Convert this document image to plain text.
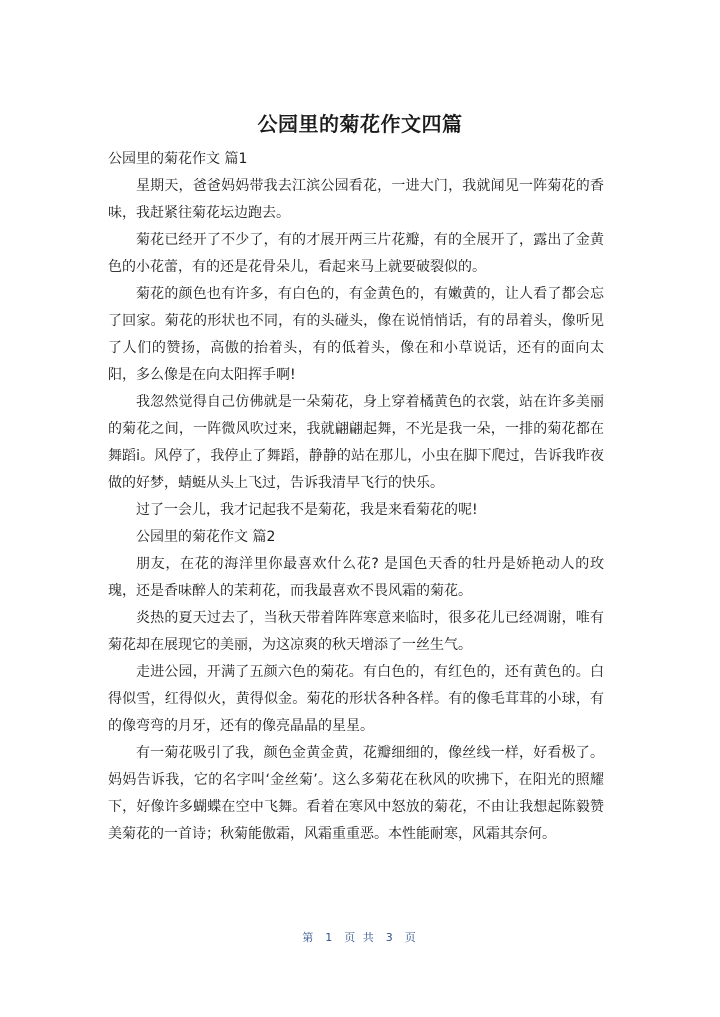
公园里的菊花作文四篇

公园里的菊花作文 篇1

星期天，爸爸妈妈带我去江滨公园看花，一进大门，我就闻见一阵菊花的香味，我赶紧往菊花坛边跑去。

菊花已经开了不少了，有的才展开两三片花瓣，有的全展开了，露出了金黄色的小花蕾，有的还是花骨朵儿，看起来马上就要破裂似的。

菊花的颜色也有许多，有白色的，有金黄色的，有嫩黄的，让人看了都会忘了回家。菊花的形状也不同，有的头碰头，像在说悄悄话，有的昂着头，像听见了人们的赞扬，高傲的抬着头，有的低着头，像在和小草说话，还有的面向太阳，多么像是在向太阳挥手啊!

我忽然觉得自己仿佛就是一朵菊花，身上穿着橘黄色的衣裳，站在许多美丽的菊花之间，一阵微风吹过来，我就翩翩起舞，不光是我一朵，一排的菊花都在舞蹈i。风停了，我停止了舞蹈，静静的站在那儿，小虫在脚下爬过，告诉我昨夜做的好梦，蜻蜓从头上飞过，告诉我清早飞行的快乐。

过了一会儿，我才记起我不是菊花，我是来看菊花的呢!

公园里的菊花作文 篇2

朋友，在花的海洋里你最喜欢什么花? 是国色天香的牡丹是娇艳动人的玫瑰，还是香味醉人的茉莉花，而我最喜欢不畏风霜的菊花。

炎热的夏天过去了，当秋天带着阵阵寒意来临时，很多花儿已经凋谢，唯有菊花却在展现它的美丽，为这凉爽的秋天增添了一丝生气。

走进公园，开满了五颜六色的菊花。有白色的，有红色的，还有黄色的。白得似雪，红得似火，黄得似金。菊花的形状各种各样。有的像毛茸茸的小球，有的像弯弯的月牙，还有的像亮晶晶的星星。

有一菊花吸引了我，颜色金黄金黄，花瓣细细的，像丝线一样，好看极了。妈妈告诉我，它的名字叫‘金丝菊’。这么多菊花在秋风的吹拂下，在阳光的照耀下，好像许多蝴蝶在空中飞舞。看着在寒风中怒放的菊花，不由让我想起陈毅赞美菊花的一首诗；秋菊能傲霜，风霜重重恶。本性能耐寒，风霜其奈何。

第 1 页 共 3 页
